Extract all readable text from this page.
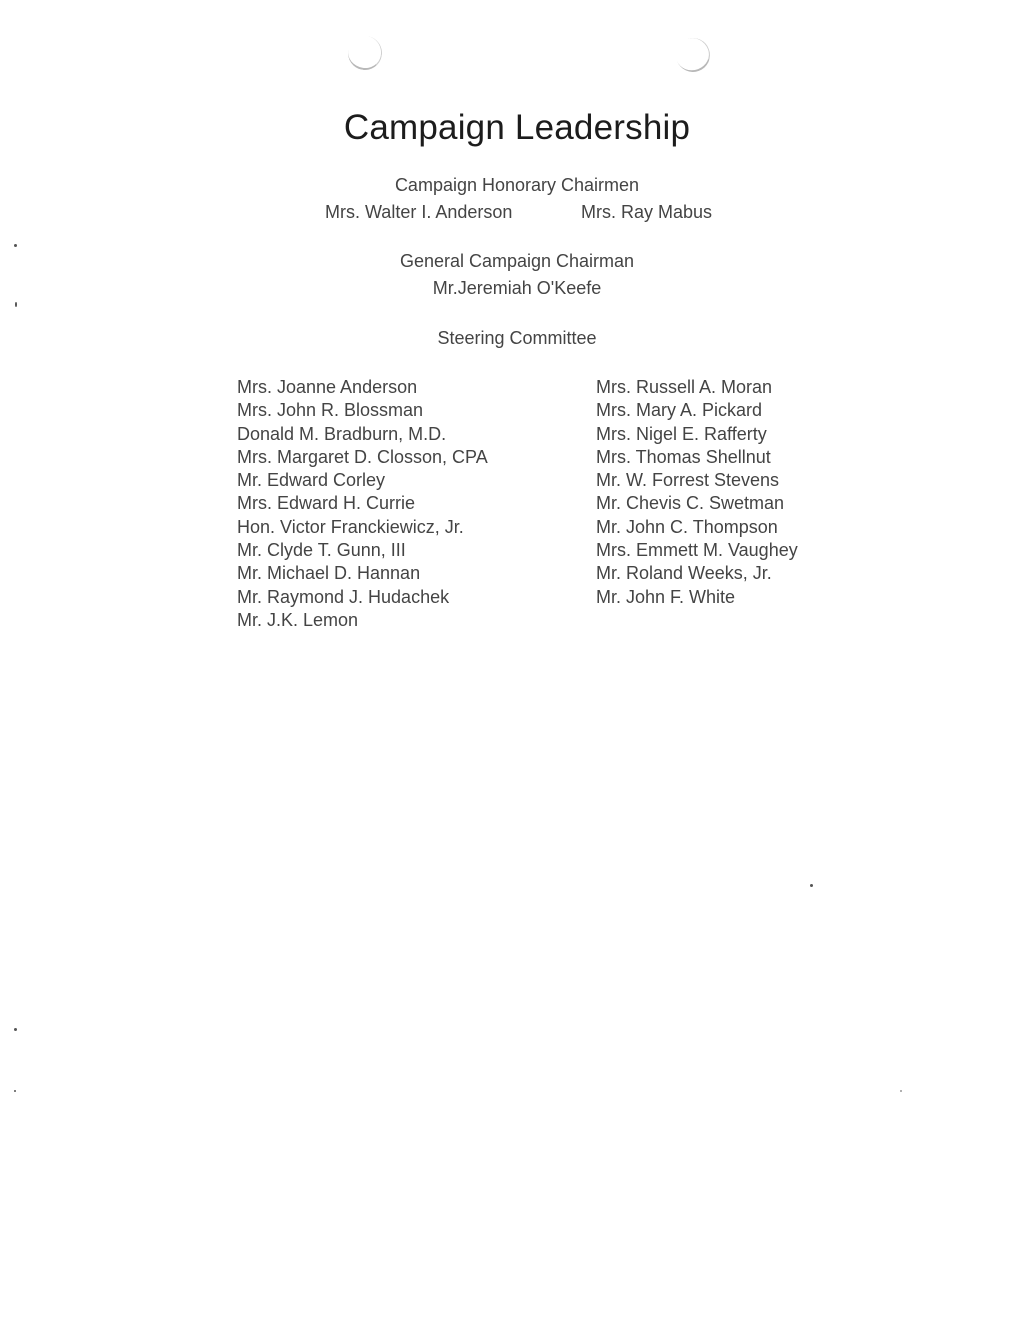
Campaign Leadership
Campaign Honorary Chairmen
Mrs. Walter I. Anderson	Mrs. Ray Mabus
General Campaign Chairman
Mr.Jeremiah O'Keefe
Steering Committee
Mrs. Joanne Anderson
Mrs. John R. Blossman
Donald M. Bradburn, M.D.
Mrs. Margaret D. Closson, CPA
Mr. Edward Corley
Mrs. Edward H. Currie
Hon. Victor Franckiewicz, Jr.
Mr. Clyde T. Gunn, III
Mr. Michael D. Hannan
Mr. Raymond J. Hudachek
Mr. J.K. Lemon
Mrs. Russell A. Moran
Mrs. Mary A. Pickard
Mrs. Nigel E. Rafferty
Mrs. Thomas Shellnut
Mr. W. Forrest Stevens
Mr. Chevis C. Swetman
Mr. John C. Thompson
Mrs. Emmett M. Vaughey
Mr. Roland Weeks, Jr.
Mr. John F. White
